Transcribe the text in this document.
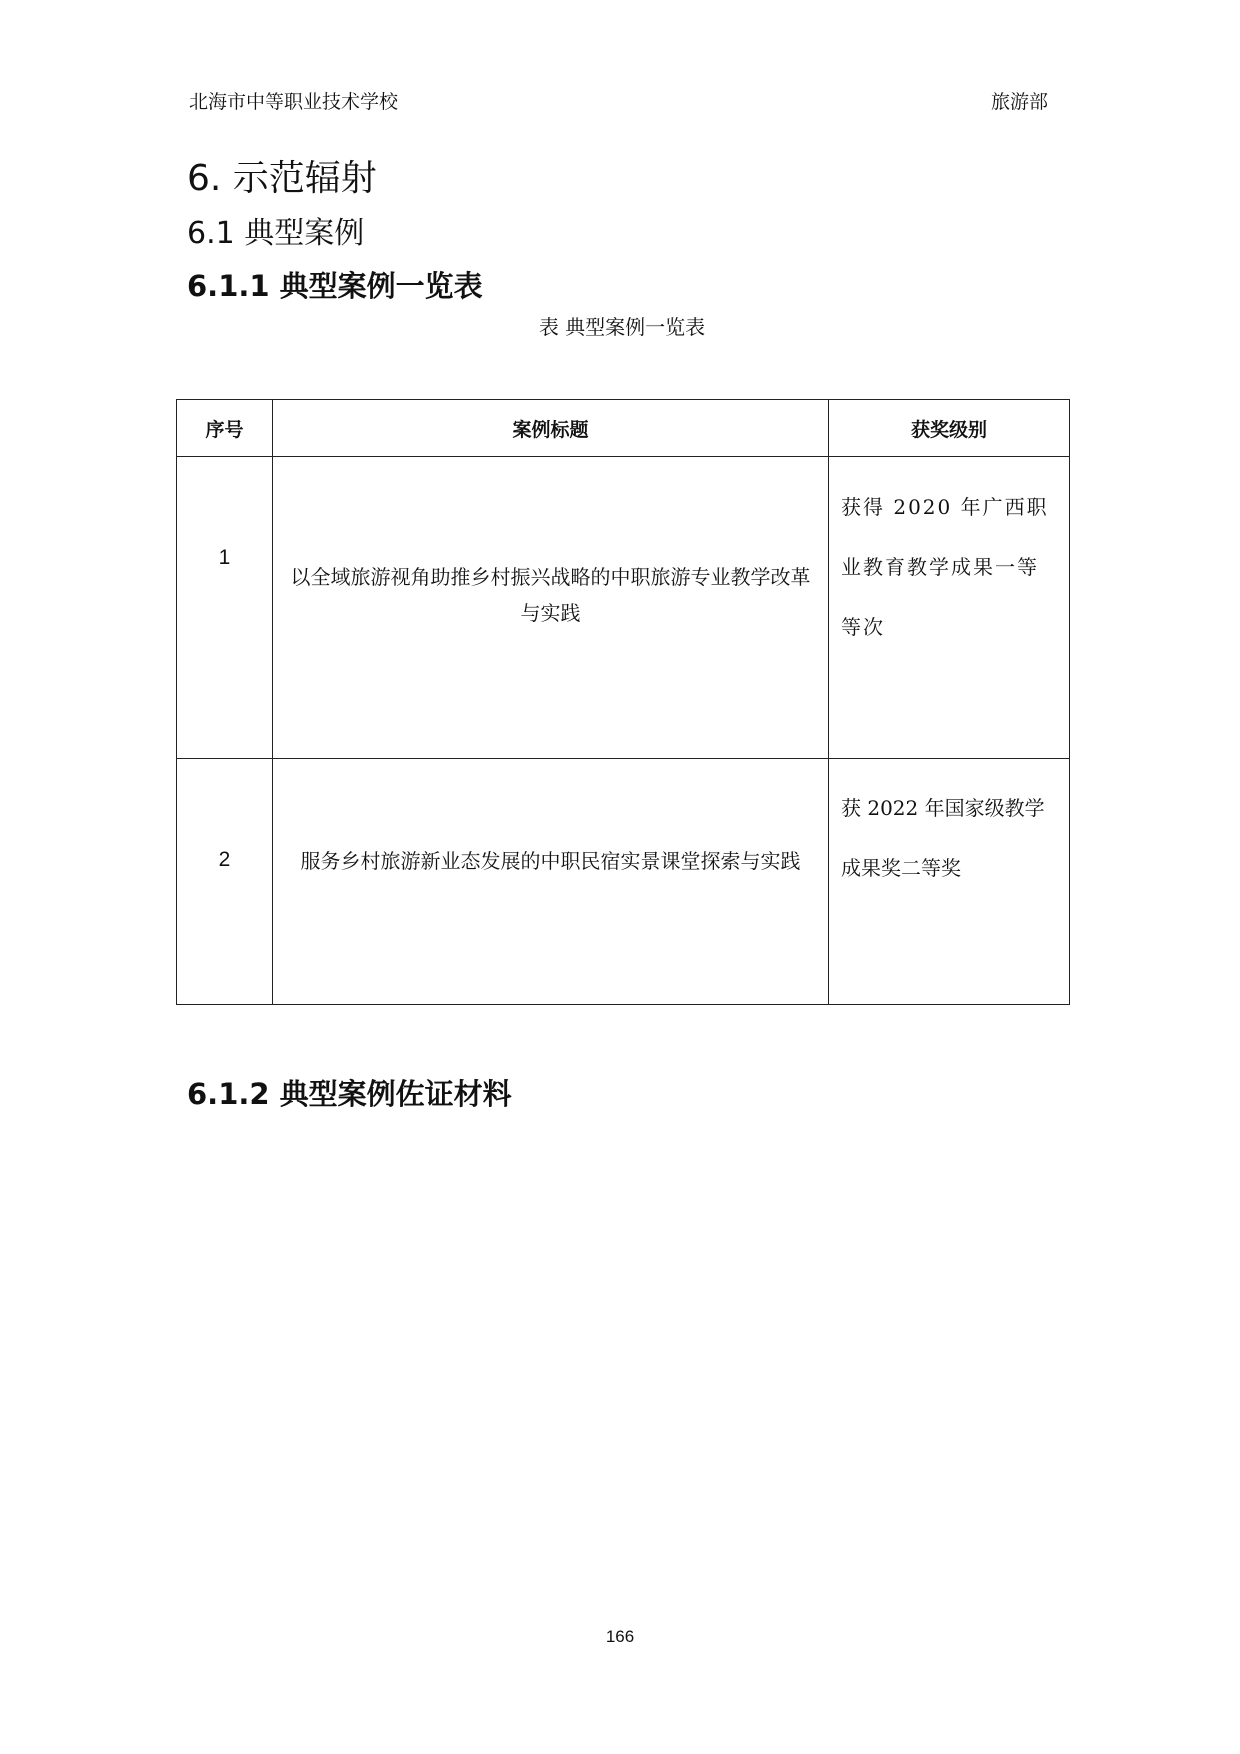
北海市中等职业技术学校	旅游部
6. 示范辐射
6.1 典型案例
6.1.1 典型案例一览表
表 典型案例一览表
序号	案例标题	获奖级别

1	以全域旅游视角助推乡村振兴战略的中职旅游专业教学改革与实践	获得 2020 年广西职业教育教学成果一等等次

2	服务乡村旅游新业态发展的中职民宿实景课堂探索与实践	获 2022 年国家级教学成果奖二等奖
6.1.2 典型案例佐证材料
166
